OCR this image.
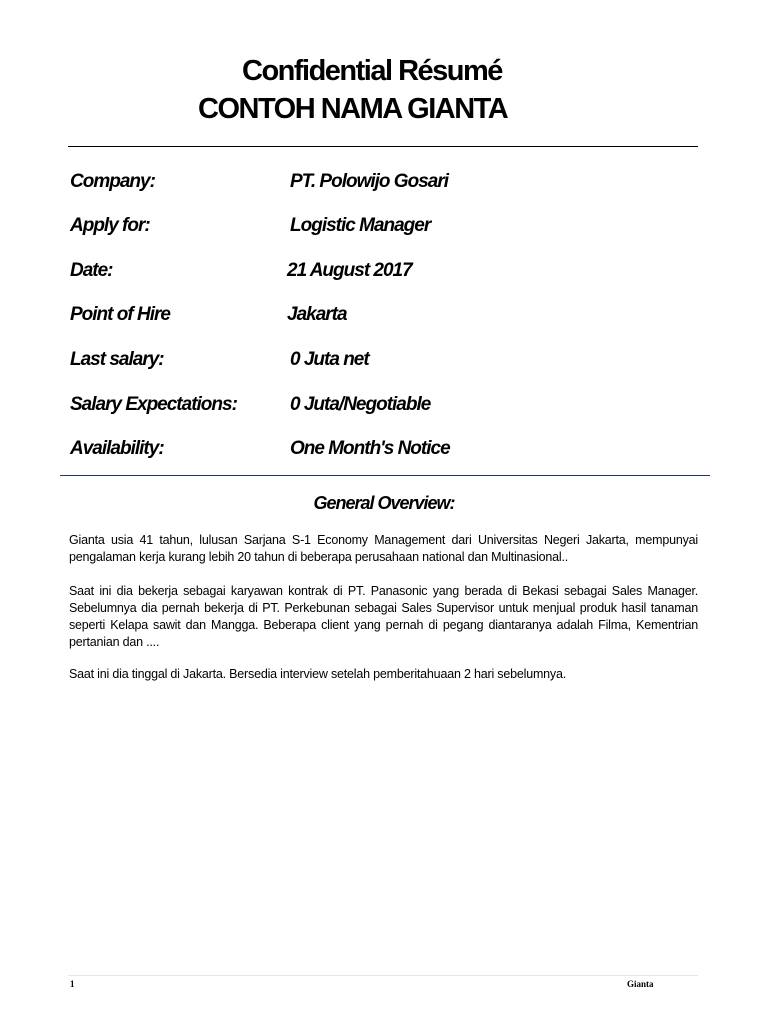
Confidential Résumé
CONTOH NAMA GIANTA
Company:	PT. Polowijo Gosari
Apply for:	Logistic Manager
Date:	21 August 2017
Point of Hire	Jakarta
Last salary:	0 Juta net
Salary Expectations:	0 Juta/Negotiable
Availability:	One Month's Notice
General Overview:
Gianta usia 41 tahun, lulusan Sarjana S-1 Economy Management dari Universitas Negeri Jakarta, mempunyai pengalaman kerja kurang lebih 20 tahun di beberapa perusahaan national dan Multinasional..
Saat ini dia bekerja sebagai karyawan kontrak di PT. Panasonic yang berada di Bekasi sebagai Sales Manager. Sebelumnya dia pernah bekerja di PT. Perkebunan sebagai Sales Supervisor untuk menjual produk hasil tanaman seperti Kelapa sawit dan Mangga. Beberapa client yang pernah di pegang diantaranya adalah Filma, Kementrian pertanian dan ....
Saat ini dia tinggal di Jakarta. Bersedia interview setelah pemberitahuaan 2 hari sebelumnya.
1	Gianta
